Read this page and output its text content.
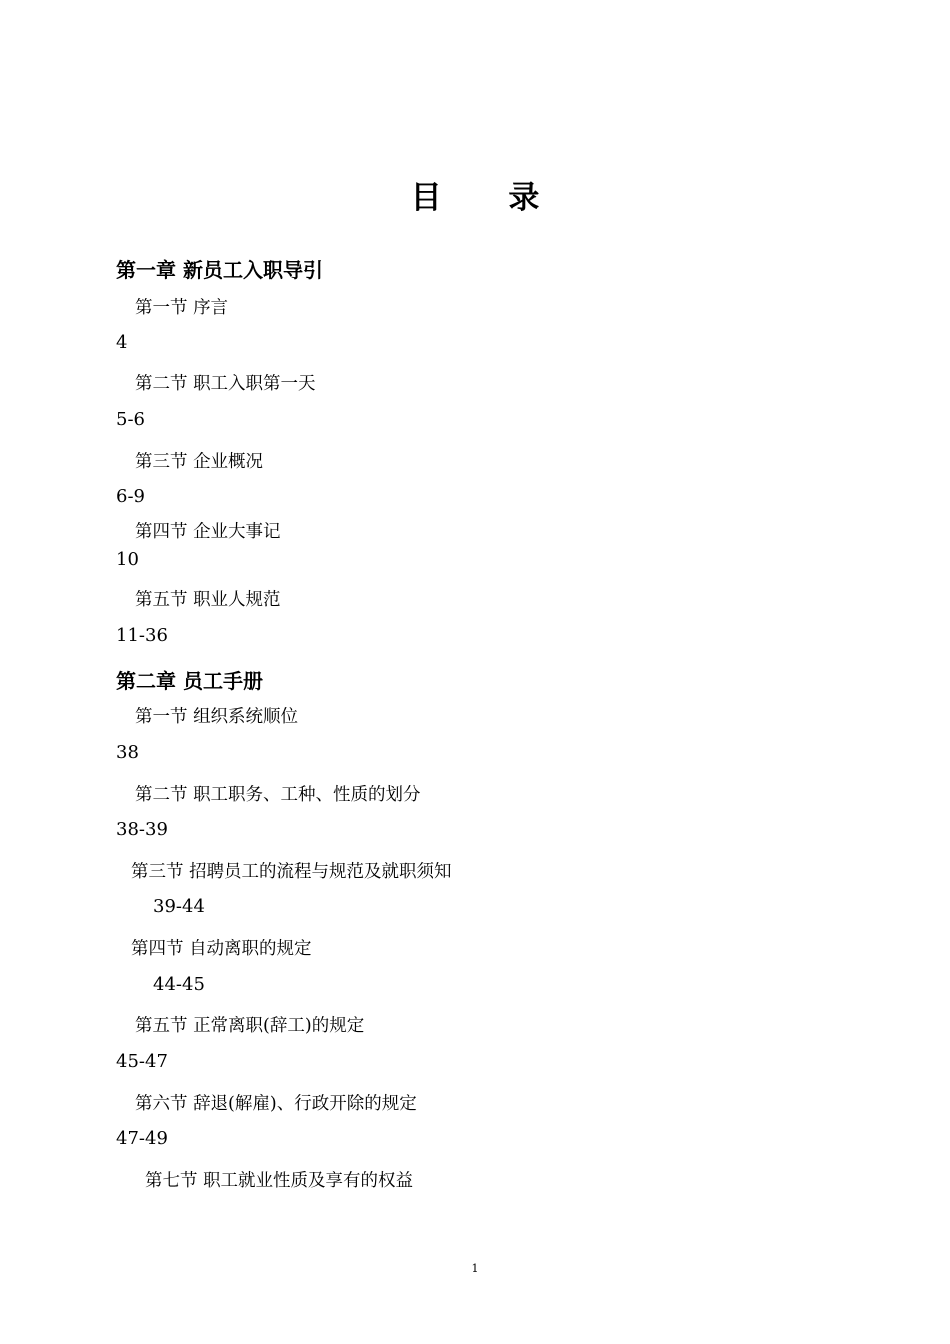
目 录
第一章 新员工入职导引
第一节 序言
4
第二节 职工入职第一天
5-6
第三节 企业概况
6-9
第四节 企业大事记
10
第五节 职业人规范
11-36
第二章 员工手册
第一节 组织系统顺位
38
第二节 职工职务、工种、性质的划分
38-39
第三节 招聘员工的流程与规范及就职须知
39-44
第四节 自动离职的规定
44-45
第五节 正常离职(辞工)的规定
45-47
第六节 辞退(解雇)、行政开除的规定
47-49
第七节 职工就业性质及享有的权益
1
